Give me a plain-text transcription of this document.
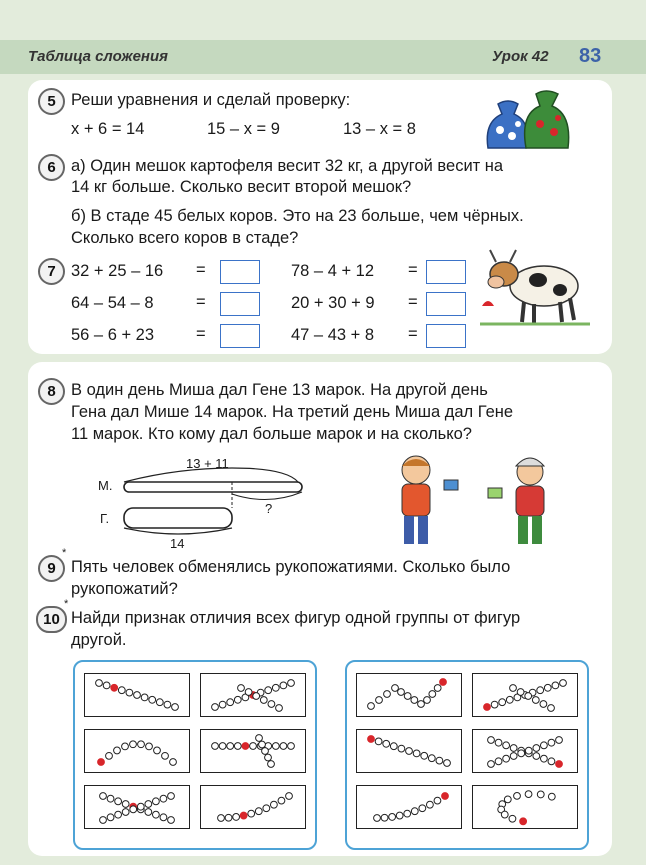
Таблица сложения	Урок 42 83
5 Реши уравнения и сделай проверку:
x + 6 = 14	15 – x = 9	13 – x = 8
6 а) Один мешок картофеля весит 32 кг, а другой весит на
14 кг больше. Сколько весит второй мешок?
б) В стаде 45 белых коров. Это на 23 больше, чем чёрных.
Сколько всего коров в стаде?
7 32 + 25 – 16 =	78 – 4 + 12 =
64 – 54 – 8	=	20 + 30 + 9 =
56 – 6 + 23	=	47 – 43 + 8 =
8 В один день Миша дал Гене 13 марок. На другой день
Гена дал Мише 14 марок. На третий день Миша дал Гене
11 марок. Кто кому дал больше марок и на сколько?
13 + 11
М.
Г.
?
14
9
*
Пять человек обменялись рукопожатиями. Сколько было
рукопожатий?
10
*
Найди признак отличия всех фигур одной группы от фигур
другой.
